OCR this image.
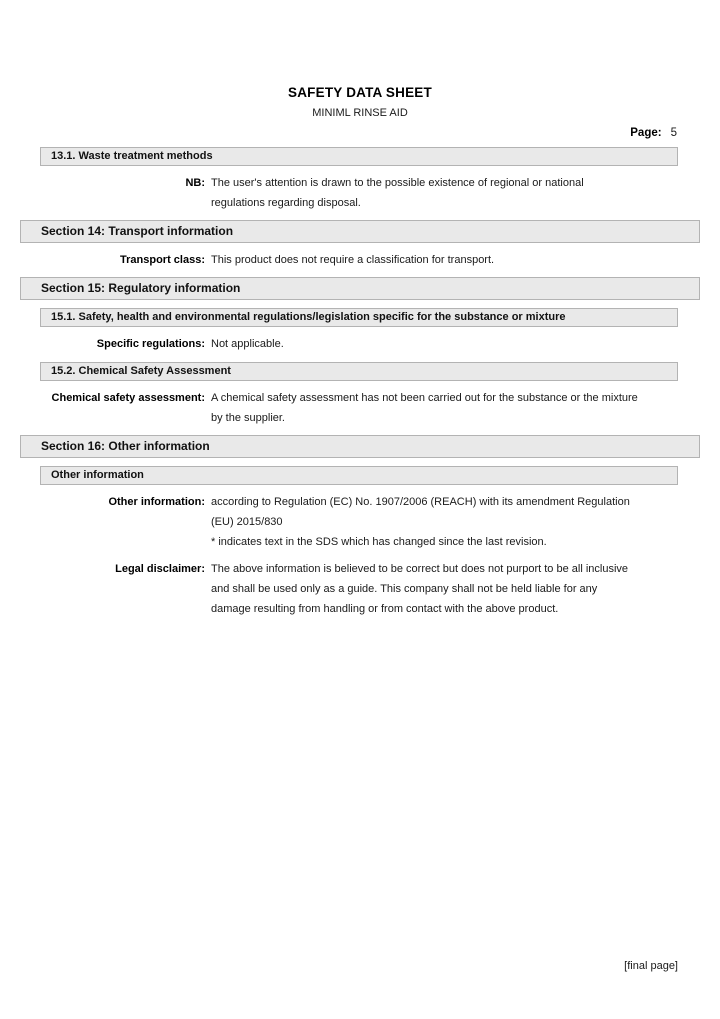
SAFETY DATA SHEET
MINIML RINSE AID
Page: 5
13.1. Waste treatment methods
NB: The user's attention is drawn to the possible existence of regional or national
regulations regarding disposal.
Section 14: Transport information
Transport class: This product does not require a classification for transport.
Section 15: Regulatory information
15.1. Safety, health and environmental regulations/legislation specific for the substance or mixture
Specific regulations: Not applicable.
15.2. Chemical Safety Assessment
Chemical safety assessment: A chemical safety assessment has not been carried out for the substance or the mixture
by the supplier.
Section 16: Other information
Other information
Other information: according to Regulation (EC) No. 1907/2006 (REACH) with its amendment Regulation
(EU) 2015/830
* indicates text in the SDS which has changed since the last revision.
Legal disclaimer: The above information is believed to be correct but does not purport to be all inclusive
and shall be used only as a guide. This company shall not be held liable for any
damage resulting from handling or from contact with the above product.
[final page]
